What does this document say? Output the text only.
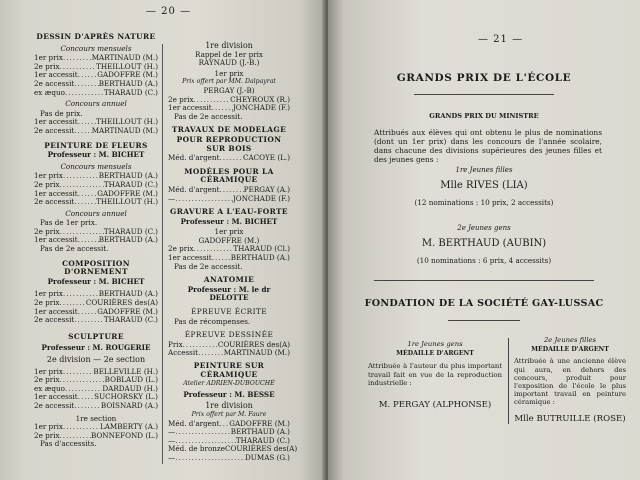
— 20 —
DESSIN D'APRÈS NATURE
Concours mensuels
1er prix .....	MARTINAUD (M.)
2e prix .....	THEILLOUT (H.)
1er accessit .....	GADOFFRE (M.)
2e accessit .....	BERTHAUD (A.)
ex æquo .....	THARAUD (C.)
Concours annuel
Pas de prix.
1er accessit .....	THEILLOUT (H.)
2e accessit ..... MARTINAUD (M.)
PEINTURE DE FLEURS
Professeur : M. BICHET
Concours mensuels
1er prix .....	BERTHAUD (A.)
2e prix .....	THARAUD (C.)
1er accessit .....	GADOFFRE (M.)
2e accessit .....	THEILLOUT (H.)
Concours annuel
Pas de 1er prix.
2e prix .....	THARAUD (C.)
1er accessit .....	BERTHAUD (A.)
Pas de 2e accessit.
COMPOSITION D'ORNEMENT
Professeur : M. BICHET
1er prix .....	BERTHAUD (A.)
2e prix .....	COURIÈRES des(A)
1er accessit .....	GADOFFRE (M.)
2e accessit .....	THARAUD (C.)
SCULPTURE
Professeur : M. ROUGERIE
2e division — 2e section
1er prix .....	BELLEVILLE (H.)
2e prix .....	BOBLAUD (L.)
ex æquo .....	DARDAUD (H.)
1er accessit ..... SUCHORSKY (L.)
2e accessit .....	BOISNARD (A.)
1re section
1er prix .....	LAMBERTY (A.)
2e prix .....	BONNEFOND (L.)
Pas d'accessits.
1re division
Rappel de 1er prix
RAYNAUD (J.-B.)
1er prix
Prix offert par MM. Dalpayrat
PERGAY (J.-B)
2e prix .....	CHEYROUX (R.)
1er accessit .....	JONCHADE (F.)
Pas de 2e accessit.
TRAVAUX DE MODELAGE
POUR REPRODUCTION SUR BOIS
Méd. d'argent .....	CACOYE (L.)
MODÈLES POUR LA CÉRAMIQUE
Méd. d'argent .....	PERGAY (A.)
— .....	JONCHADE (F.)
GRAVURE A L'EAU-FORTE
Professeur : M. BICHET
1er prix
GADOFFRE (M.)
2e prix .....	THARAUD (Cl.)
1er accessit .....	BERTHAUD (A.)
Pas de 2e accessit.
ANATOMIE
Professeur : M. le dr DELOTTE
ÉPREUVE ÉCRITE
Pas de récompenses.
ÉPREUVE DESSINÉE
Prix .....	COURIÈRES des(A)
Accessit .....	MARTINAUD (M.)
PEINTURE SUR CÉRAMIQUE
Atelier ADRIEN-DUBOUCHÉ
Professeur : M. BESSE
1re division
Prix offert par M. Faure
Méd. d'argent ..... GADOFFRE (M.)
— .....	BERTHAUD (A.)
— .....	THARAUD (C.)
Méd. de bronze COURIÈRES des(A)
— .....	DUMAS (G.)
— 21 —
GRANDS PRIX DE L'ÉCOLE
GRANDS PRIX DU MINISTRE
Attribués aux élèves qui ont obtenu le plus de nominations (dont un 1er prix) dans les concours de l'année scolaire, dans chacune des divisions supérieures des jeunes filles et des jeunes gens :
1re Jeunes filles
Mlle RIVES (LIA)
(12 nominations : 10 prix, 2 accessits)
2e Jeunes gens
M. BERTHAUD (AUBIN)
(10 nominations : 6 prix, 4 accessits)
FONDATION DE LA SOCIÉTÉ GAY-LUSSAC
1re Jeunes gens
MÉDAILLE D'ARGENT
Attribuée à l'auteur du plus important travail fait en vue de la reproduction industrielle :
M. PERGAY (ALPHONSE)
2e Jeunes filles
MÉDAILLE D'ARGENT
Attribuée à une ancienne élève qui aura, en dehors des concours, produit pour l'exposition de l'école le plus important travail en peinture céramique :
Mlle BUTRUILLE (ROSE)
